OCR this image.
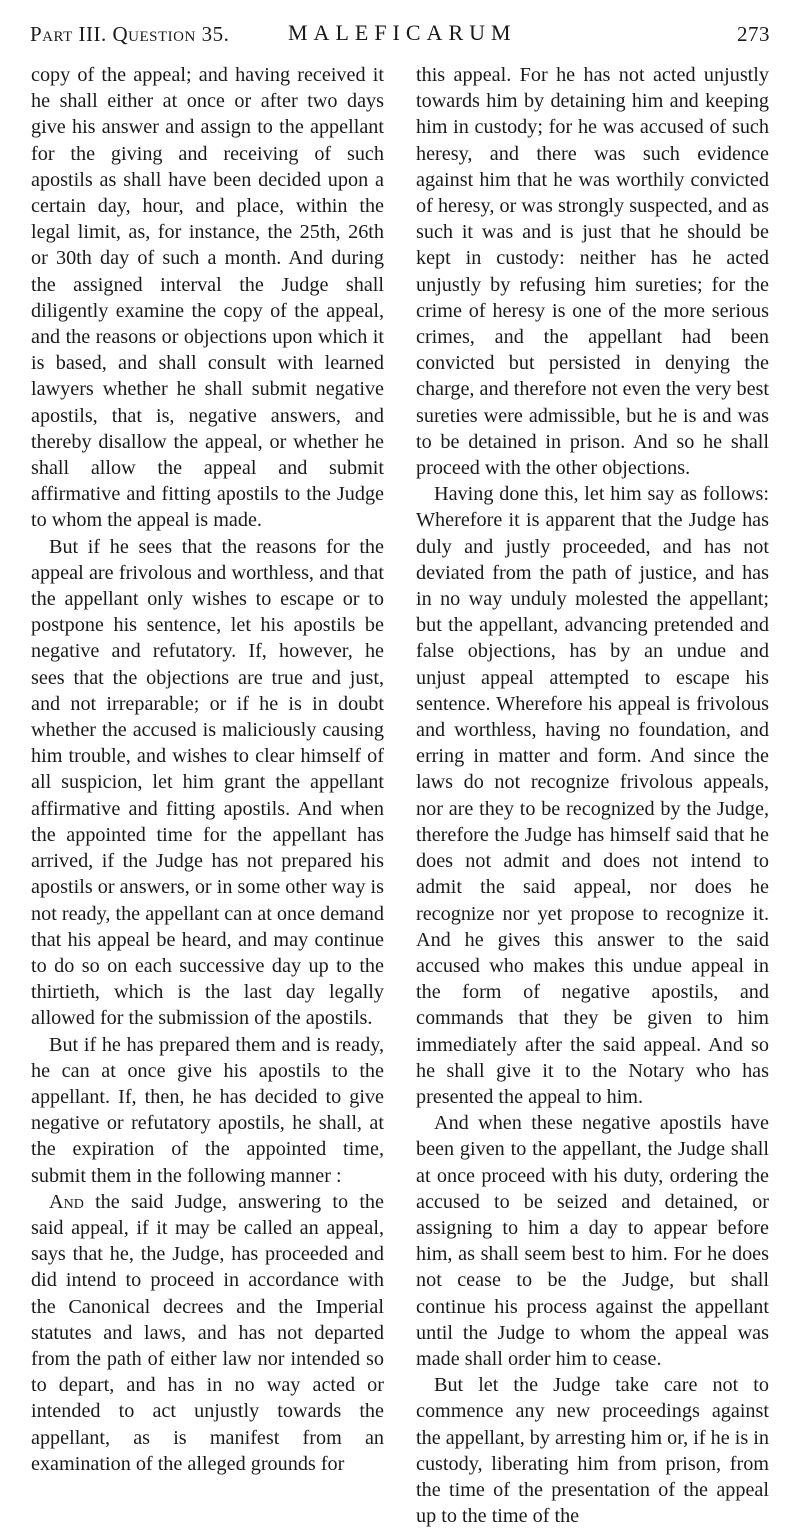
Part III. Question 35.	MALEFICARUM	273

copy of the appeal; and having received it he shall either at once or after two days give his answer and assign to the appellant for the giving and receiving of such apostils as shall have been decided upon a certain day, hour, and place, within the legal limit, as, for instance, the 25th, 26th or 30th day of such a month. And during the assigned interval the Judge shall diligently examine the copy of the appeal, and the reasons or objections upon which it is based, and shall consult with learned lawyers whether he shall submit negative apostils, that is, negative answers, and thereby disallow the appeal, or whether he shall allow the appeal and submit affirmative and fitting apostils to the Judge to whom the appeal is made.

But if he sees that the reasons for the appeal are frivolous and worthless, and that the appellant only wishes to escape or to postpone his sentence, let his apostils be negative and refutatory. If, however, he sees that the objections are true and just, and not irreparable; or if he is in doubt whether the accused is maliciously causing him trouble, and wishes to clear himself of all suspicion, let him grant the appellant affirmative and fitting apostils. And when the appointed time for the appellant has arrived, if the Judge has not prepared his apostils or answers, or in some other way is not ready, the appellant can at once demand that his appeal be heard, and may continue to do so on each successive day up to the thirtieth, which is the last day legally allowed for the submission of the apostils.

But if he has prepared them and is ready, he can at once give his apostils to the appellant. If, then, he has decided to give negative or refutatory apostils, he shall, at the expiration of the appointed time, submit them in the following manner :

And the said Judge, answering to the said appeal, if it may be called an appeal, says that he, the Judge, has proceeded and did intend to proceed in accordance with the Canonical decrees and the Imperial statutes and laws, and has not departed from the path of either law nor intended so to depart, and has in no way acted or intended to act unjustly towards the appellant, as is manifest from an examination of the alleged grounds for

this appeal. For he has not acted unjustly towards him by detaining him and keeping him in custody; for he was accused of such heresy, and there was such evidence against him that he was worthily convicted of heresy, or was strongly suspected, and as such it was and is just that he should be kept in custody: neither has he acted unjustly by refusing him sureties; for the crime of heresy is one of the more serious crimes, and the appellant had been convicted but persisted in denying the charge, and therefore not even the very best sureties were admissible, but he is and was to be detained in prison. And so he shall proceed with the other objections.

Having done this, let him say as follows: Wherefore it is apparent that the Judge has duly and justly proceeded, and has not deviated from the path of justice, and has in no way unduly molested the appellant; but the appellant, advancing pretended and false objections, has by an undue and unjust appeal attempted to escape his sentence. Wherefore his appeal is frivolous and worthless, having no foundation, and erring in matter and form. And since the laws do not recognize frivolous appeals, nor are they to be recognized by the Judge, therefore the Judge has himself said that he does not admit and does not intend to admit the said appeal, nor does he recognize nor yet propose to recognize it. And he gives this answer to the said accused who makes this undue appeal in the form of negative apostils, and commands that they be given to him immediately after the said appeal. And so he shall give it to the Notary who has presented the appeal to him.

And when these negative apostils have been given to the appellant, the Judge shall at once proceed with his duty, ordering the accused to be seized and detained, or assigning to him a day to appear before him, as shall seem best to him. For he does not cease to be the Judge, but shall continue his process against the appellant until the Judge to whom the appeal was made shall order him to cease.

But let the Judge take care not to commence any new proceedings against the appellant, by arresting him or, if he is in custody, liberating him from prison, from the time of the presentation of the appeal up to the time of the
